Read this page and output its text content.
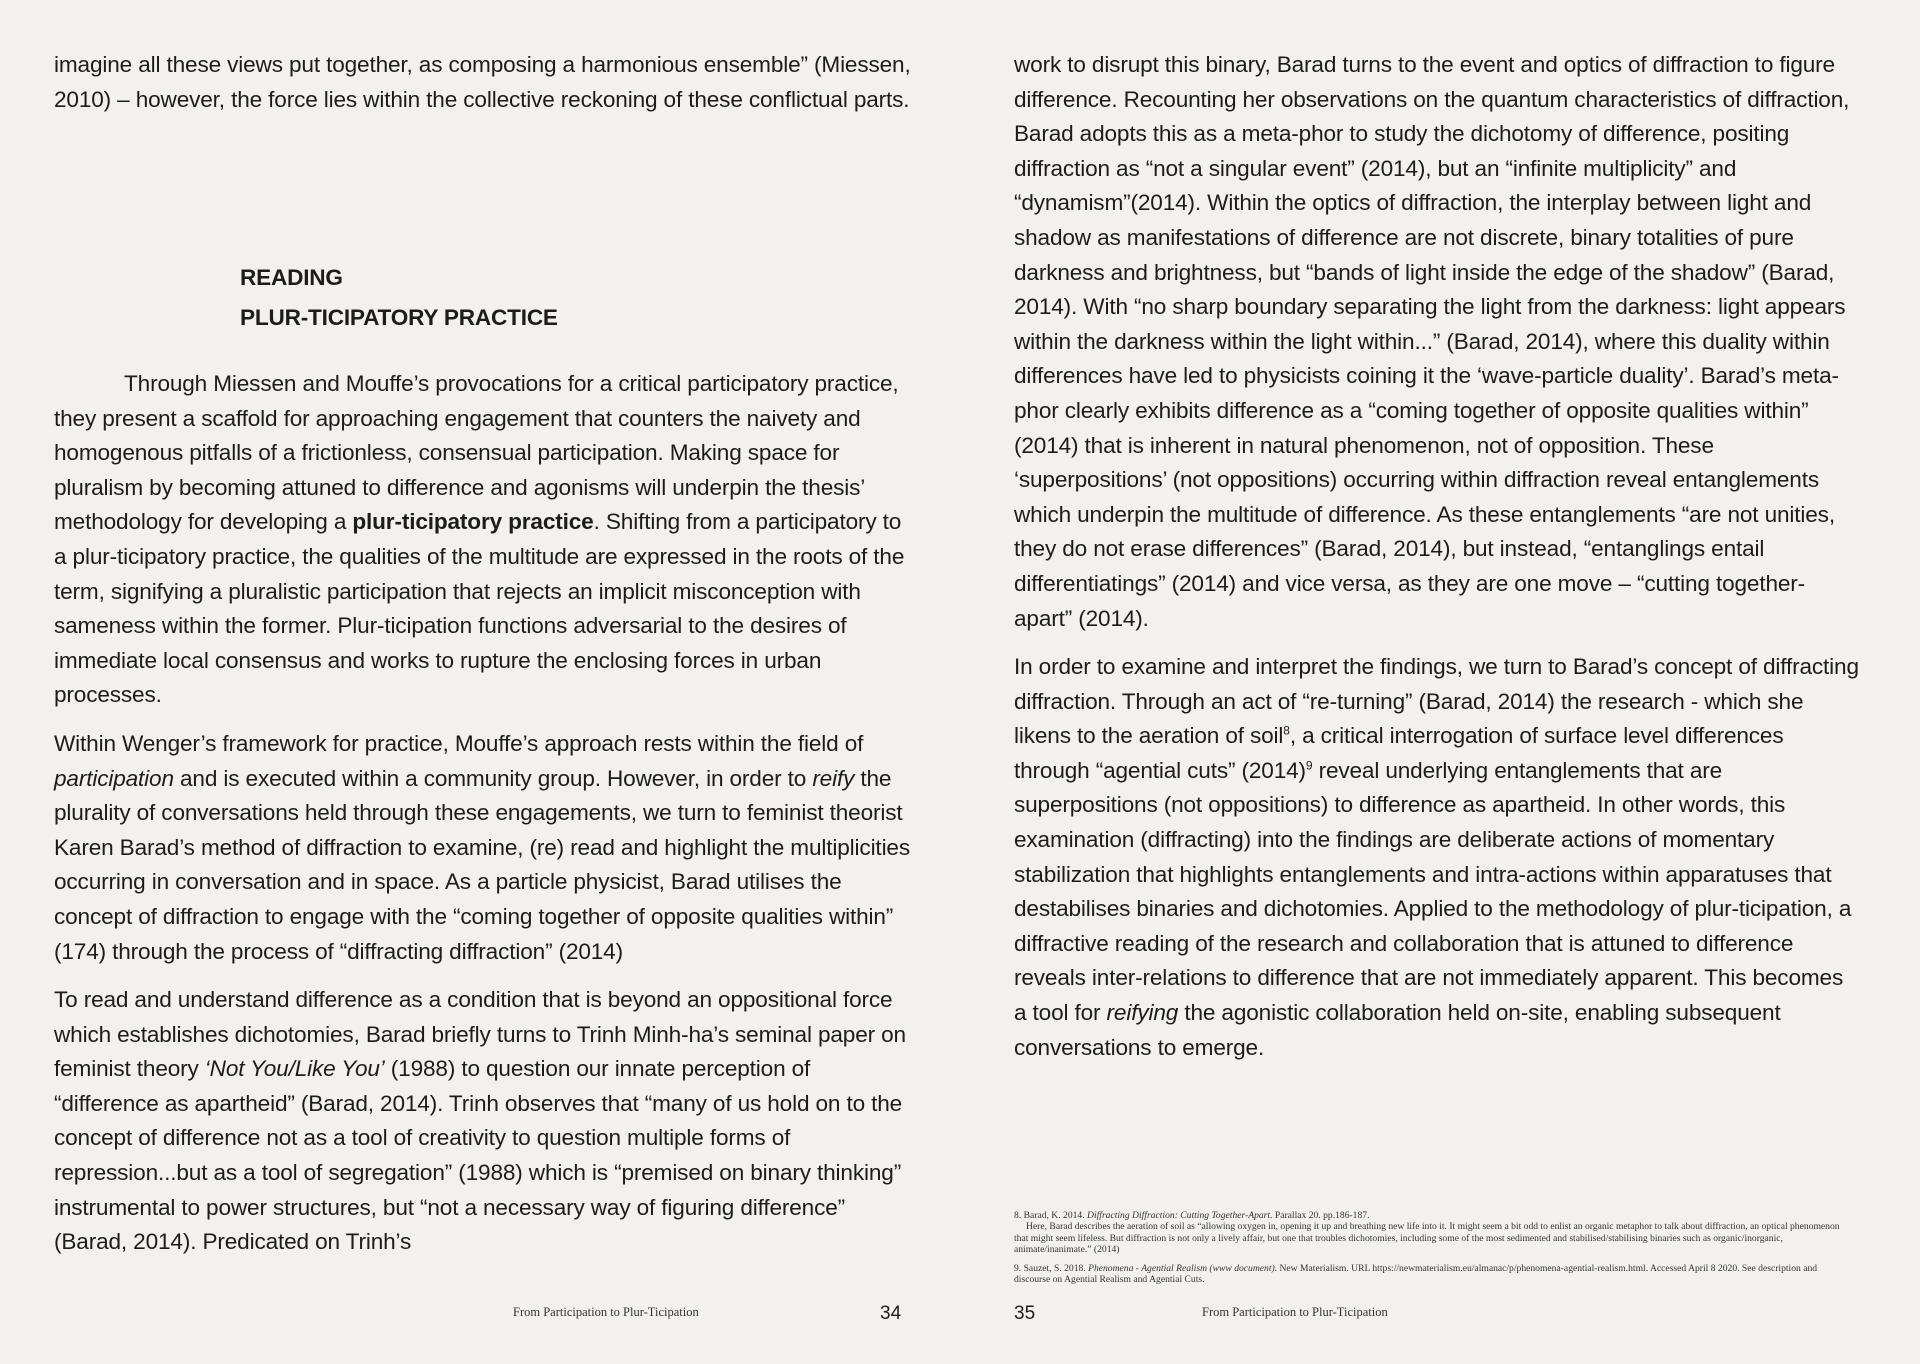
imagine all these views put together, as composing a harmonious ensemble” (Miessen, 2010) – however, the force lies within the collective reckoning of these conflictual parts.

READING
PLUR-TICIPATORY PRACTICE

Through Miessen and Mouffe’s provocations for a critical participatory practice, they present a scaffold for approaching engagement that counters the naivety and homogenous pitfalls of a frictionless, consensual participation. Making space for pluralism by becoming attuned to difference and agonisms will underpin the thesis’ methodology for developing a plur-ticipatory practice. Shifting from a participatory to a plur-ticipatory practice, the qualities of the multitude are expressed in the roots of the term, signifying a pluralistic participation that rejects an implicit misconception with sameness within the former. Plur-ticipation functions adversarial to the desires of immediate local consensus and works to rupture the enclosing forces in urban processes.

Within Wenger’s framework for practice, Mouffe’s approach rests within the field of participation and is executed within a community group. However, in order to reify the plurality of conversations held through these engagements, we turn to feminist theorist Karen Barad’s method of diffraction to examine, (re) read and highlight the multiplicities occurring in conversation and in space. As a particle physicist, Barad utilises the concept of diffraction to engage with the “coming together of opposite qualities within” (174) through the process of “diffracting diffraction” (2014)

To read and understand difference as a condition that is beyond an oppositional force which establishes dichotomies, Barad briefly turns to Trinh Minh-ha’s seminal paper on feminist theory ‘Not You/Like You’ (1988) to question our innate perception of “difference as apartheid” (Barad, 2014). Trinh observes that “many of us hold on to the concept of difference not as a tool of creativity to question multiple forms of repression...but as a tool of segregation” (1988) which is “premised on binary thinking” instrumental to power structures, but “not a necessary way of figuring difference” (Barad, 2014). Predicated on Trinh’s

From Participation to Plur-Ticipation	34

work to disrupt this binary, Barad turns to the event and optics of diffraction to figure difference. Recounting her observations on the quantum characteristics of diffraction, Barad adopts this as a meta-phor to study the dichotomy of difference, positing diffraction as “not a singular event” (2014), but an “infinite multiplicity” and “dynamism”(2014). Within the optics of diffraction, the interplay between light and shadow as manifestations of difference are not discrete, binary totalities of pure darkness and brightness, but “bands of light inside the edge of the shadow” (Barad, 2014). With “no sharp boundary separating the light from the darkness: light appears within the darkness within the light within...” (Barad, 2014), where this duality within differences have led to physicists coining it the ‘wave-particle duality’. Barad’s meta-phor clearly exhibits difference as a “coming together of opposite qualities within” (2014) that is inherent in natural phenomenon, not of opposition. These ‘superpositions’ (not oppositions) occurring within diffraction reveal entanglements which underpin the multitude of difference. As these entanglements “are not unities, they do not erase differences” (Barad, 2014), but instead, “entanglings entail differentiatings” (2014) and vice versa, as they are one move – “cutting together-apart” (2014).

In order to examine and interpret the findings, we turn to Barad’s concept of diffracting diffraction. Through an act of “re-turning” (Barad, 2014) the research - which she likens to the aeration of soil$^8$, a critical interrogation of surface level differences through “agential cuts” $(2014)^9$ reveal underlying entanglements that are superpositions (not oppositions) to difference as apartheid. In other words, this examination (diffracting) into the findings are deliberate actions of momentary stabilization that highlights entanglements and intra-actions within apparatuses that destabilises binaries and dichotomies. Applied to the methodology of plur-ticipation, a diffractive reading of the research and collaboration that is attuned to difference reveals inter-relations to difference that are not immediately apparent. This becomes a tool for reifying the agonistic collaboration held on-site, enabling subsequent conversations to emerge.

8. Barad, K. 2014. Diffracting Diffraction: Cutting Together-Apart. Parallax 20. pp.186-187.

Here, Barad describes the aeration of soil as “allowing oxygen in, opening it up and breathing new life into it. It might seem a bit odd to enlist an organic metaphor to talk about diffraction, an optical phenomenon that might seem lifeless. But diffraction is not only a lively affair, but one that troubles dichotomies, including some of the most sedimented and stabilised/stabilising binaries such as organic/inorganic, animate/inanimate.” (2014)

9. Sauzet, S. 2018. Phenomena - Agential Realism (www document). New Materialism. URL https://newmaterialism.eu/almanac/p/phenomena-agential-realism.html. Accessed April 8 2020. See description and discourse on Agential Realism and Agential Cuts.

35	From Participation to Plur-Ticipation
